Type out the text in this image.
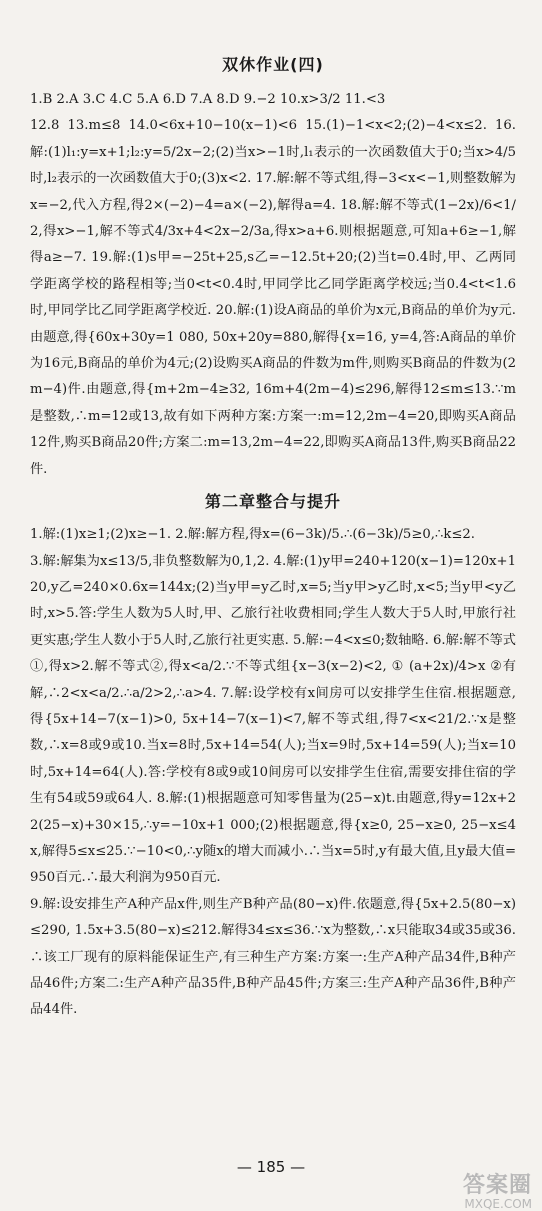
双休作业(四)

1.B 2.A 3.C 4.C 5.A 6.D 7.A 8.D 9.−2 10.x>3/2 11.<3

12.8 13.m≤8 14.0<6x+10−10(x−1)<6 15.(1)−1<x<2;(2)−4<x≤2. 16.解:(1)l₁:y=x+1;l₂:y=5/2x−2;(2)当x>−1时,l₁表示的一次函数值大于0;当x>4/5时,l₂表示的一次函数值大于0;(3)x<2. 17.解:解不等式组,得−3<x<−1,则整数解为x=−2,代入方程,得2×(−2)−4=a×(−2),解得a=4. 18.解:解不等式(1−2x)/6<1/2,得x>−1,解不等式4/3x+4<2x−2/3a,得x>a+6.则根据题意,可知a+6≥−1,解得a≥−7. 19.解:(1)s甲=−25t+25,s乙=−12.5t+20;(2)当t=0.4时,甲、乙两同学距离学校的路程相等;当0<t<0.4时,甲同学比乙同学距离学校远;当0.4<t<1.6时,甲同学比乙同学距离学校近. 20.解:(1)设A商品的单价为x元,B商品的单价为y元.由题意,得{60x+30y=1 080, 50x+20y=880,解得{x=16, y=4,答:A商品的单价为16元,B商品的单价为4元;(2)设购买A商品的件数为m件,则购买B商品的件数为(2m−4)件.由题意,得{m+2m−4≥32, 16m+4(2m−4)≤296,解得12≤m≤13.∵m是整数,∴m=12或13,故有如下两种方案:方案一:m=12,2m−4=20,即购买A商品12件,购买B商品20件;方案二:m=13,2m−4=22,即购买A商品13件,购买B商品22件.

第二章整合与提升

1.解:(1)x≥1;(2)x≥−1. 2.解:解方程,得x=(6−3k)/5.∴(6−3k)/5≥0,∴k≤2.

3.解:解集为x≤13/5,非负整数解为0,1,2. 4.解:(1)y甲=240+120(x−1)=120x+120,y乙=240×0.6x=144x;(2)当y甲=y乙时,x=5;当y甲>y乙时,x<5;当y甲<y乙时,x>5.答:学生人数为5人时,甲、乙旅行社收费相同;学生人数大于5人时,甲旅行社更实惠;学生人数小于5人时,乙旅行社更实惠. 5.解:−4<x≤0;数轴略. 6.解:解不等式①,得x>2.解不等式②,得x<a/2.∵不等式组{x−3(x−2)<2, ① (a+2x)/4>x ②有解,∴2<x<a/2.∴a/2>2,∴a>4. 7.解:设学校有x间房可以安排学生住宿.根据题意,得{5x+14−7(x−1)>0, 5x+14−7(x−1)<7,解不等式组,得7<x<21/2.∵x是整数,∴x=8或9或10.当x=8时,5x+14=54(人);当x=9时,5x+14=59(人);当x=10时,5x+14=64(人).答:学校有8或9或10间房可以安排学生住宿,需要安排住宿的学生有54或59或64人. 8.解:(1)根据题意可知零售量为(25−x)t.由题意,得y=12x+22(25−x)+30×15,∴y=−10x+1 000;(2)根据题意,得{x≥0, 25−x≥0, 25−x≤4x,解得5≤x≤25.∵−10<0,∴y随x的增大而减小.∴当x=5时,y有最大值,且y最大值=950百元.∴最大利润为950百元.

9.解:设安排生产A种产品x件,则生产B种产品(80−x)件.依题意,得{5x+2.5(80−x)≤290, 1.5x+3.5(80−x)≤212.解得34≤x≤36.∵x为整数,∴x只能取34或35或36.∴该工厂现有的原料能保证生产,有三种生产方案:方案一:生产A种产品34件,B种产品46件;方案二:生产A种产品35件,B种产品45件;方案三:生产A种产品36件,B种产品44件.

— 185 —
答案圈
MXQE.COM
